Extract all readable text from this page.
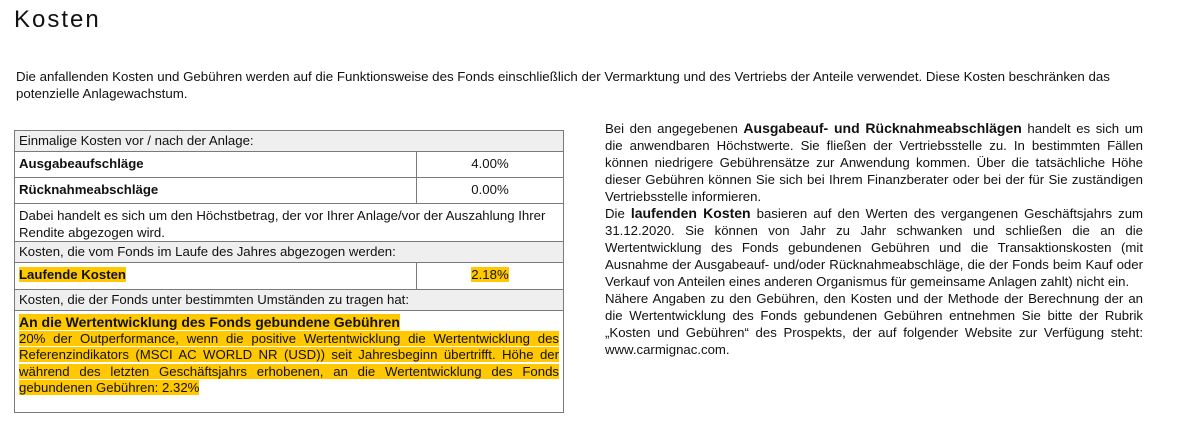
Kosten
Die anfallenden Kosten und Gebühren werden auf die Funktionsweise des Fonds einschließlich der Vermarktung und des Vertriebs der Anteile verwendet. Diese Kosten beschränken das potenzielle Anlagewachstum.
Einmalige Kosten vor / nach der Anlage:
Ausgabeaufschläge	4.00%
Rücknahmeabschläge	0.00%
Dabei handelt es sich um den Höchstbetrag, der vor Ihrer Anlage/vor der Auszahlung Ihrer Rendite abgezogen wird.
Kosten, die vom Fonds im Laufe des Jahres abgezogen werden:
Laufende Kosten	2.18%
Kosten, die der Fonds unter bestimmten Umständen zu tragen hat:
An die Wertentwicklung des Fonds gebundene Gebühren
20% der Outperformance, wenn die positive Wertentwicklung die Wertentwicklung des Referenzindikators (MSCI AC WORLD NR (USD)) seit Jahresbeginn übertrifft. Höhe der während des letzten Geschäftsjahrs erhobenen, an die Wertentwicklung des Fonds gebundenen Gebühren: 2.32%

Bei den angegebenen Ausgabeauf- und Rücknahmeabschlägen handelt es sich um die anwendbaren Höchstwerte. Sie fließen der Vertriebsstelle zu. In bestimmten Fällen können niedrigere Gebührensätze zur Anwendung kommen. Über die tatsächliche Höhe dieser Gebühren können Sie sich bei Ihrem Finanzberater oder bei der für Sie zuständigen Vertriebsstelle informieren.

Die laufenden Kosten basieren auf den Werten des vergangenen Geschäftsjahrs zum 31.12.2020. Sie können von Jahr zu Jahr schwanken und schließen die an die Wertentwicklung des Fonds gebundenen Gebühren und die Transaktionskosten (mit Ausnahme der Ausgabeauf- und/oder Rücknahmeabschläge, die der Fonds beim Kauf oder Verkauf von Anteilen eines anderen Organismus für gemeinsame Anlagen zahlt) nicht ein.

Nähere Angaben zu den Gebühren, den Kosten und der Methode der Berechnung der an die Wertentwicklung des Fonds gebundenen Gebühren entnehmen Sie bitte der Rubrik „Kosten und Gebühren“ des Prospekts, der auf folgender Website zur Verfügung steht: www.carmignac.com.
